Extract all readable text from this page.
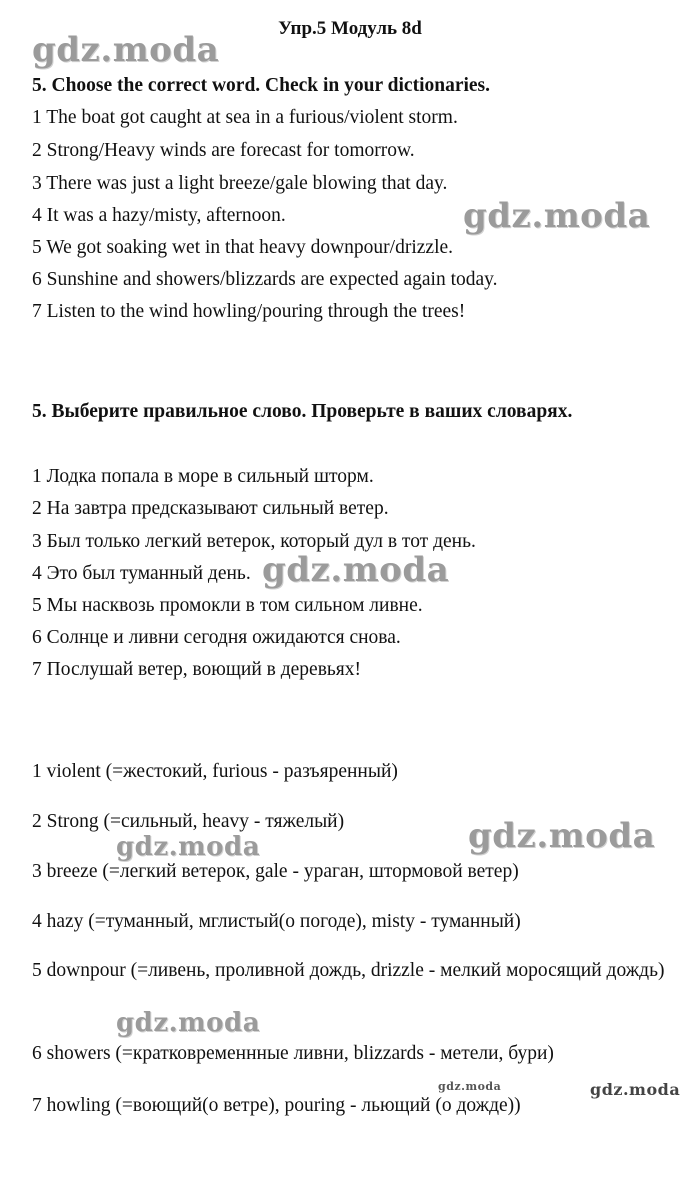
Упр.5 Модуль 8d
5. Choose the correct word. Check in your dictionaries.
1 The boat got caught at sea in a furious/violent storm.
2 Strong/Heavy winds are forecast for tomorrow.
3 There was just a light breeze/gale blowing that day.
4 It was a hazy/misty, afternoon.
5 We got soaking wet in that heavy downpour/drizzle.
6 Sunshine and showers/blizzards are expected again today.
7 Listen to the wind howling/pouring through the trees!
5. Выберите правильное слово. Проверьте в ваших словарях.
1 Лодка попала в море в сильный шторм.
2 На завтра предсказывают сильный ветер.
3 Был только легкий ветерок, который дул в тот день.
4 Это был туманный день.
5 Мы насквозь промокли в том сильном ливне.
6 Солнце и ливни сегодня ожидаются снова.
7 Послушай ветер, воющий в деревьях!
1 violent (=жестокий, furious - разъяренный)
2 Strong (=сильный, heavy - тяжелый)
3 breeze (=легкий ветерок, gale - ураган, штормовой ветер)
4 hazy (=туманный, мглистый(о погоде), misty - туманный)
5 downpour (=ливень, проливной дождь, drizzle - мелкий моросящий дождь)
6 showers (=кратковременнные ливни, blizzards - метели, бури)
7 howling (=воющий(о ветре), pouring - льющий (о дожде))
gdz.moda
gdz.moda
gdz.moda
gdz.moda
gdz.moda
gdz.moda
gdz.moda	gdz.moda
